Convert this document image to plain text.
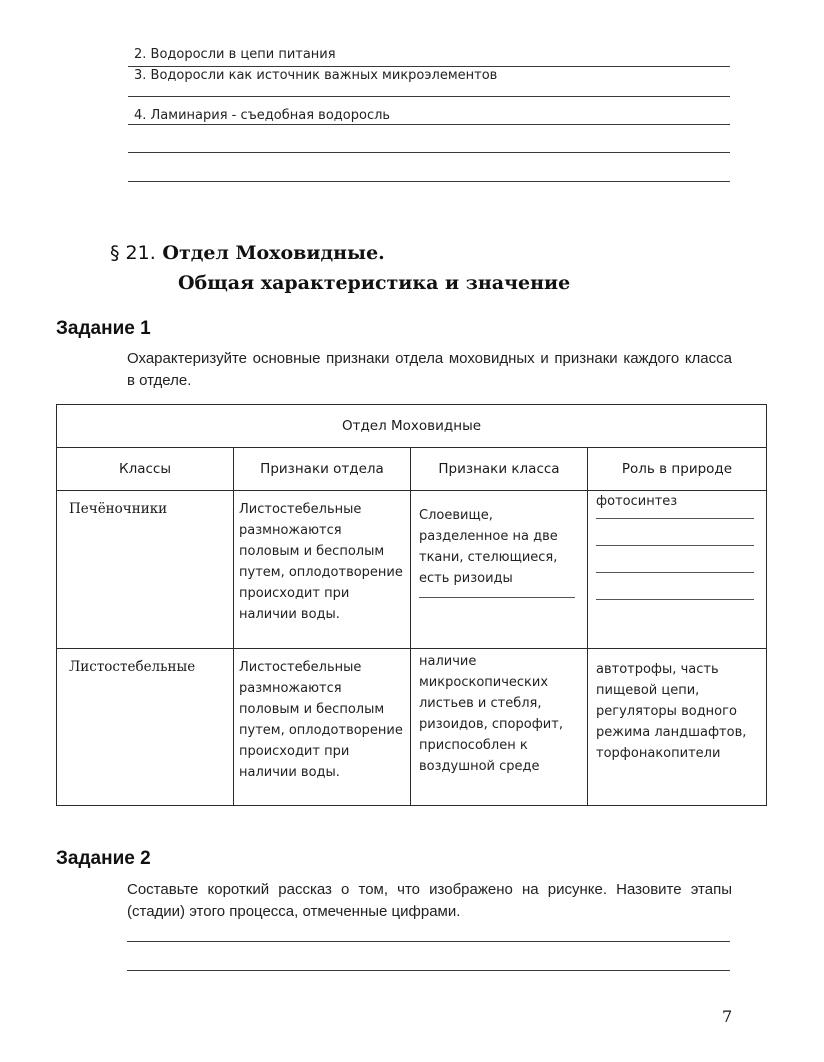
2. Водоросли в цепи питания
3. Водоросли как источник важных микроэлементов
4. Ламинария - съедобная водоросль
§ 21. Отдел Моховидные.
Общая характеристика и значение
Задание 1
Охарактеризуйте основные признаки отдела моховидных и признаки каждого класса в отделе.
Отдел Моховидные			
Классы	Признаки отдела	Признаки класса	Роль в природе
Печёночники	Листостебельные размножаются половым и бесполым путем, оплодотворение происходит при наличии воды.	Слоевище, разделенное на две ткани, стелющиеся, есть ризоиды	фотосинтез

Листостебельные	Листостебельные размножаются половым и бесполым путем, оплодотворение происходит при наличии воды.	наличие микроскопических листьев и стебля, ризоидов, спорофит, приспособлен к воздушной среде	автотрофы, часть пищевой цепи, регуляторы водного режима ландшафтов, торфонакопители
Задание 2
Составьте короткий рассказ о том, что изображено на рисунке. Назовите этапы (стадии) этого процесса, отмеченные цифрами.
7
